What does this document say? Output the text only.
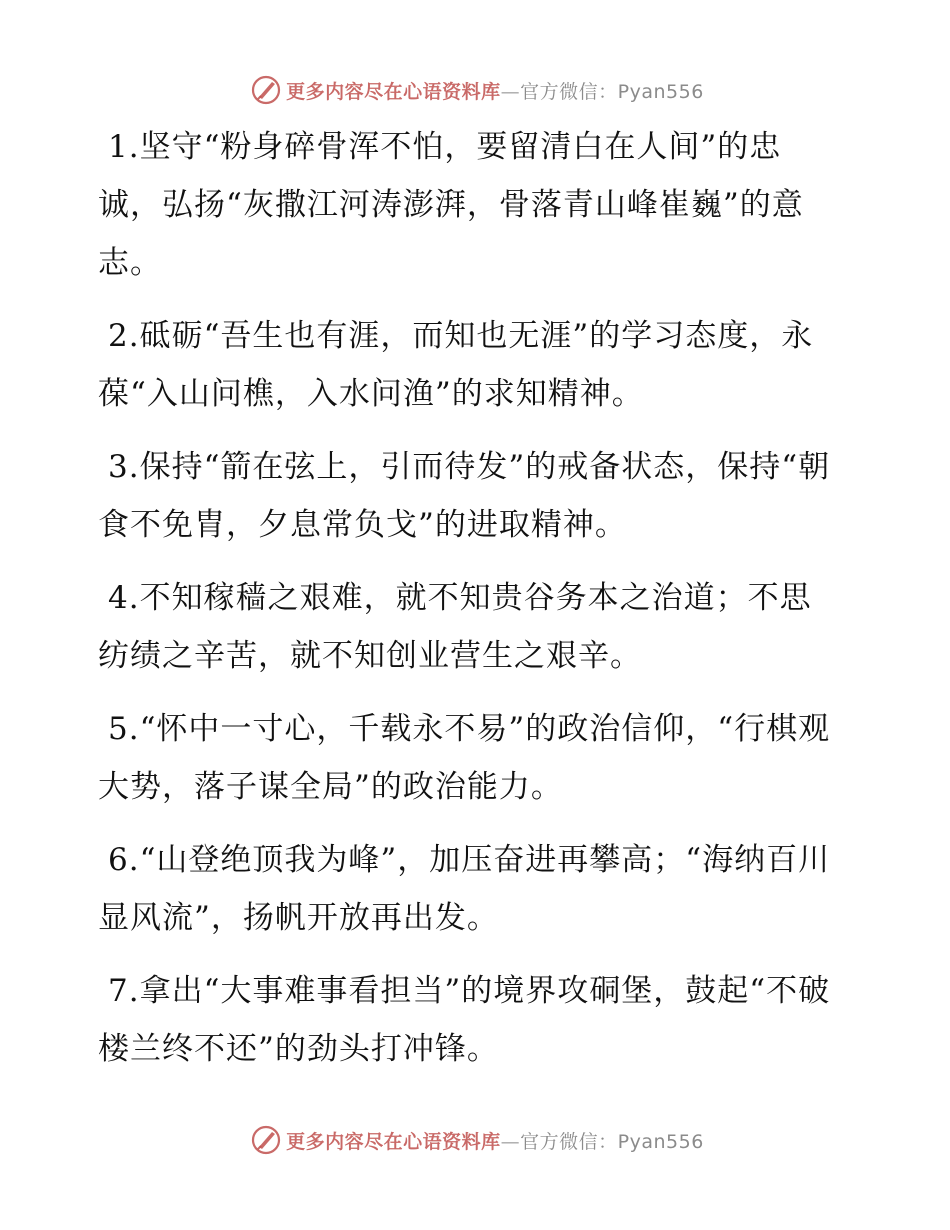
更多内容尽在心语资料库—官方微信：Pyan556

1.坚守“粉身碎骨浑不怕，要留清白在人间”的忠诚，弘扬“灰撒江河涛澎湃，骨落青山峰崔巍”的意志。

2.砥砺“吾生也有涯，而知也无涯”的学习态度，永葆“入山问樵，入水问渔”的求知精神。

3.保持“箭在弦上，引而待发”的戒备状态，保持“朝食不免胄，夕息常负戈”的进取精神。

4.不知稼穑之艰难，就不知贵谷务本之治道；不思纺绩之辛苦，就不知创业营生之艰辛。

5.“怀中一寸心，千载永不易”的政治信仰，“行棋观大势，落子谋全局”的政治能力。

6.“山登绝顶我为峰”，加压奋进再攀高；“海纳百川显风流”，扬帆开放再出发。

7.拿出“大事难事看担当”的境界攻硐堡，鼓起“不破楼兰终不还”的劲头打冲锋。

更多内容尽在心语资料库—官方微信：Pyan556
